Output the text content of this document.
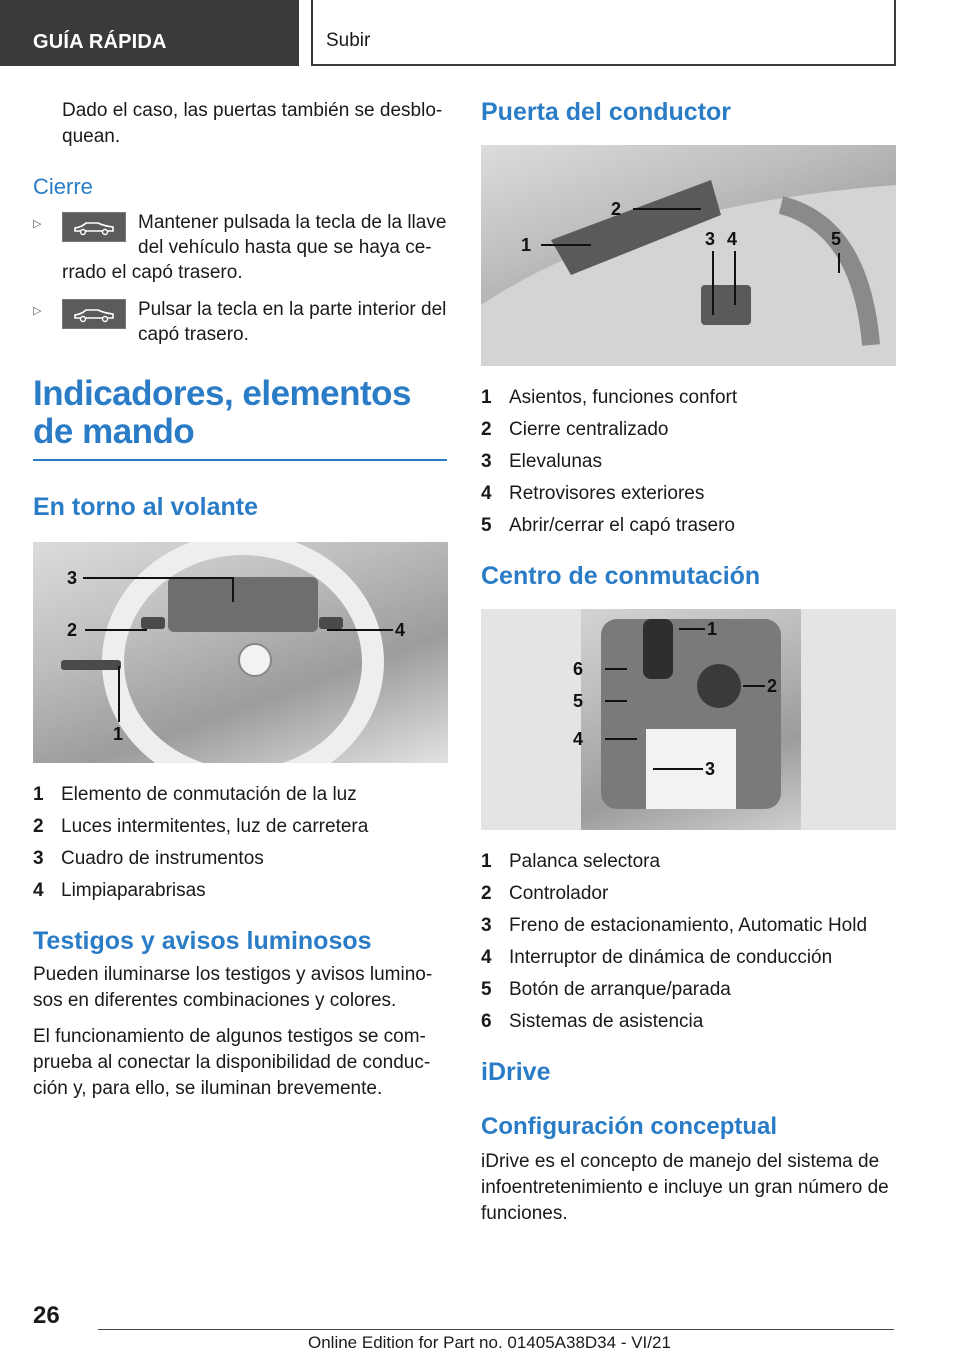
GUÍA RÁPIDA	Subir

Dado el caso, las puertas también se desblo-quean.

Cierre
▷	Mantener pulsada la tecla de la llave del vehículo hasta que se haya ce-rrado el capó trasero.
▷	Pulsar la tecla en la parte interior del capó trasero.
Indicadores, elementos de mando
En torno al volante
3
2	4
1
1 Elemento de conmutación de la luz
2 Luces intermitentes, luz de carretera
3 Cuadro de instrumentos
4 Limpiaparabrisas
Testigos y avisos luminosos

Pueden iluminarse los testigos y avisos lumino-sos en diferentes combinaciones y colores.

El funcionamiento de algunos testigos se com-prueba al conectar la disponibilidad de conduc-ción y, para ello, se iluminan brevemente.

Puerta del conductor
2
1	3 4	5
1 Asientos, funciones confort
2 Cierre centralizado
3 Elevalunas
4 Retrovisores exteriores
5 Abrir/cerrar el capó trasero
Centro de conmutación
1
6
2
5
4
3
1 Palanca selectora
2 Controlador
3 Freno de estacionamiento, Automatic Hold
4 Interruptor de dinámica de conducción
5 Botón de arranque/parada
6 Sistemas de asistencia
iDrive
Configuración conceptual

iDrive es el concepto de manejo del sistema de infoentretenimiento e incluye un gran número de funciones.

26
Online Edition for Part no. 01405A38D34 - VI/21
